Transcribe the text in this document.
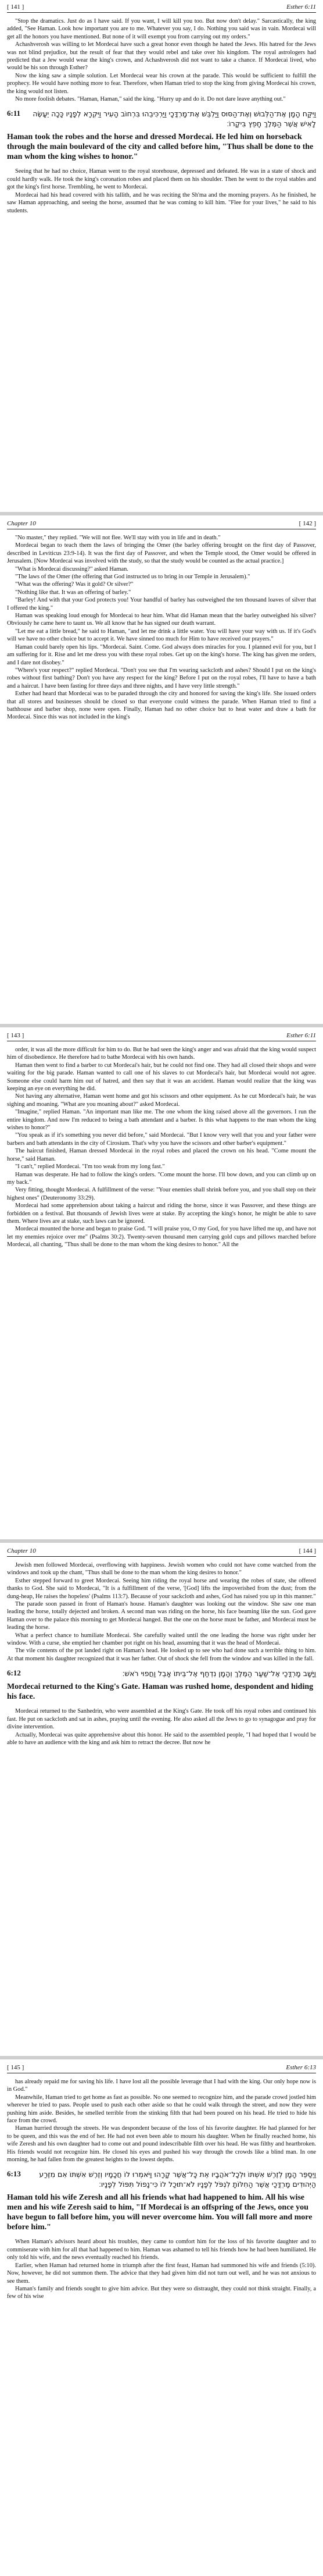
[ 141 ]	Esther 6:11

"Stop the dramatics. Just do as I have said. If you want, I will kill you too. But now don't delay." Sarcastically, the king added, "See Haman. Look how important you are to me. Whatever you say, I do. Nothing you said was in vain. Mordecai will get all the honors you have mentioned. But none of it will exempt you from carrying out my orders."

Achashverosh was willing to let Mordecai have such a great honor even though he hated the Jews. His hatred for the Jews was not blind prejudice, but the result of fear that they would rebel and take over his kingdom. The royal astrologers had predicted that a Jew would wear the king's crown, and Achashverosh did not want to take a chance. If Mordecai lived, who would be his son through Esther?

Now the king saw a simple solution. Let Mordecai wear his crown at the parade. This would be sufficient to fulfill the prophecy. He would have nothing more to fear. Therefore, when Haman tried to stop the king from giving Mordecai his crown, the king would not listen.

No more foolish debates. "Haman, Haman," said the king. "Hurry up and do it. Do not dare leave anything out."

6:11	וַיִּקַּח הָמָן אֶת־הַלְּבוּשׁ וְאֶת־הַסּוּס וַיַּלְבֵּשׁ אֶת־מָרְדֳּכָי וַיַּרְכִּיבֵהוּ בִּרְחוֹב הָעִיר וַיִּקְרָא לְפָנָיו כָּכָה יֵעָשֶׂה לָאִישׁ אֲשֶׁר הַמֶּלֶךְ חָפֵץ בִּיקָרוֹ׃

Haman took the robes and the horse and dressed Mordecai. He led him on horseback through the main boulevard of the city and called before him, "Thus shall be done to the man whom the king wishes to honor."

Seeing that he had no choice, Haman went to the royal storehouse, depressed and defeated. He was in a state of shock and could hardly walk. He took the king's coronation robes and placed them on his shoulder. Then he went to the royal stables and got the king's first horse. Trembling, he went to Mordecai.

Mordecai had his head covered with his tallith, and he was reciting the Sh'ma and the morning prayers. As he finished, he saw Haman approaching, and seeing the horse, assumed that he was coming to kill him. "Flee for your lives," he said to his students.

Chapter 10	[ 142 ]

"No master," they replied. "We will not flee. We'll stay with you in life and in death."

Mordecai began to teach them the laws of bringing the Omer (the barley offering brought on the first day of Passover, described in Leviticus 23:9-14). It was the first day of Passover, and when the Temple stood, the Omer would be offered in Jerusalem. [Now Mordecai was involved with the study, so that the study would be counted as the actual practice.]

"What is Mordecai discussing?" asked Haman.

"The laws of the Omer (the offering that God instructed us to bring in our Temple in Jerusalem)."

"What was the offering? Was it gold? Or silver?"

"Nothing like that. It was an offering of barley."

"Barley! And with that your God protects you! Your handful of barley has outweighed the ten thousand loaves of silver that I offered the king."

Haman was speaking loud enough for Mordecai to hear him. What did Haman mean that the barley outweighed his silver? Obviously he came here to taunt us. We all know that he has signed our death warrant.

"Let me eat a little bread," he said to Haman, "and let me drink a little water. You will have your way with us. If it's God's will we have no other choice but to accept it. We have sinned too much for Him to have received our prayers."

Haman could barely open his lips. "Mordecai. Saint. Come. God always does miracles for you. I planned evil for you, but I am suffering for it. Rise and let me dress you with these royal robes. Get up on the king's horse. The king has given me orders, and I dare not disobey."

"Where's your respect?" replied Mordecai. "Don't you see that I'm wearing sackcloth and ashes? Should I put on the king's robes without first bathing? Don't you have any respect for the king? Before I put on the royal robes, I'll have to have a bath and a haircut. I have been fasting for three days and three nights, and I have very little strength."

Esther had heard that Mordecai was to be paraded through the city and honored for saving the king's life. She issued orders that all stores and businesses should be closed so that everyone could witness the parade. When Haman tried to find a bathhouse and barber shop, none were open. Finally, Haman had no other choice but to heat water and draw a bath for Mordecai. Since this was not included in the king's

[ 143 ]	Esther 6:11

order, it was all the more difficult for him to do. But he had seen the king's anger and was afraid that the king would suspect him of disobedience. He therefore had to bathe Mordecai with his own hands.

Haman then went to find a barber to cut Mordecai's hair, but he could not find one. They had all closed their shops and were waiting for the big parade. Haman wanted to call one of his slaves to cut Mordecai's hair, but Mordecai would not agree. Someone else could harm him out of hatred, and then say that it was an accident. Haman would realize that the king was keeping an eye on everything he did.

Not having any alternative, Haman went home and got his scissors and other equipment. As he cut Mordecai's hair, he was sighing and moaning. "What are you moaning about?" asked Mordecai.

"Imagine," replied Haman. "An important man like me. The one whom the king raised above all the governors. I run the entire kingdom. And now I'm reduced to being a bath attendant and a barber. Is this what happens to the man whom the king wishes to honor?"

"You speak as if it's something you never did before," said Mordecai. "But I know very well that you and your father were barbers and bath attendants in the city of Cirosium. That's why you have the scissors and other barber's equipment."

The haircut finished, Haman dressed Mordecai in the royal robes and placed the crown on his head. "Come mount the horse," said Haman.

"I can't," replied Mordecai. "I'm too weak from my long fast."

Haman was desperate. He had to follow the king's orders. "Come mount the horse. I'll bow down, and you can climb up on my back."

Very fitting, thought Mordecai. A fulfillment of the verse: "Your enemies shall shrink before you, and you shall step on their highest ones" (Deuteronomy 33:29).

Mordecai had some apprehension about taking a haircut and riding the horse, since it was Passover, and these things are forbidden on a festival. But thousands of Jewish lives were at stake. By accepting the king's honor, he might be able to save them. Where lives are at stake, such laws can be ignored.

Mordecai mounted the horse and began to praise God. "I will praise you, O my God, for you have lifted me up, and have not let my enemies rejoice over me" (Psalms 30:2). Twenty-seven thousand men carrying gold cups and pillows marched before Mordecai, all chanting, "Thus shall be done to the man whom the king desires to honor." All the

Chapter 10	[ 144 ]

Jewish men followed Mordecai, overflowing with happiness. Jewish women who could not have come watched from the windows and took up the chant, "Thus shall be done to the man whom the king desires to honor."

Esther stepped forward to greet Mordecai. Seeing him riding the royal horse and wearing the robes of state, she offered thanks to God. She said to Mordecai, "It is a fulfillment of the verse, '[God] lifts the impoverished from the dust; from the dung-heap, He raises the hopeless' (Psalms 113:7). Because of your sackcloth and ashes, God has raised you up in this manner."

The parade soon passed in front of Haman's house. Haman's daughter was looking out the window. She saw one man leading the horse, totally dejected and broken. A second man was riding on the horse, his face beaming like the sun. God gave Haman over to the palace this morning to get Mordecai hanged. But the one on the horse must be father, and Mordecai must be leading the horse.

What a perfect chance to humiliate Mordecai. She carefully waited until the one leading the horse was right under her window. With a curse, she emptied her chamber pot right on his head, assuming that it was the head of Mordecai.

The vile contents of the pot landed right on Haman's head. He looked up to see who had done such a terrible thing to him. At that moment his daughter recognized that it was her father. Out of shock she fell from the window and was killed in the fall.

6:12	וַיָּשָׁב מָרְדֳּכַי אֶל־שַׁעַר הַמֶּלֶךְ וְהָמָן נִדְחַף אֶל־בֵּיתוֹ אָבֵל וַחֲפוּי רֹאשׁ׃

Mordecai returned to the King's Gate. Haman was rushed home, despondent and hiding his face.

Mordecai returned to the Sanhedrin, who were assembled at the King's Gate. He took off his royal robes and continued his fast. He put on sackcloth and sat in ashes, praying until the evening. He also asked all the Jews to go to synagogue and pray for divine intervention.

Actually, Mordecai was quite apprehensive about this honor. He said to the assembled people, "I had hoped that I would be able to have an audience with the king and ask him to retract the decree. But now he

[ 145 ]	Esther 6:13

has already repaid me for saving his life. I have lost all the possible leverage that I had with the king. Our only hope now is in God."

Meanwhile, Haman tried to get home as fast as possible. No one seemed to recognize him, and the parade crowd jostled him wherever he tried to pass. People used to push each other aside so that he could walk through the street, and now they were pushing him aside. Besides, he smelled terrible from the stinking filth that had been poured on his head. He tried to hide his face from the crowd.

Haman hurried through the streets. He was despondent because of the loss of his favorite daughter. He had planned for her to be queen, and this was the end of her. He had not even been able to mourn his daughter. When he finally reached home, his wife Zeresh and his own daughter had to come out and pound indescribable filth over his head. He was filthy and heartbroken. His friends would not recognize him. He closed his eyes and pushed his way through the crowds like a blind man. In one morning, he had fallen from the greatest heights to the lowest depths.

6:13	וַיְסַפֵּר הָמָן לְזֶרֶשׁ אִשְׁתּוֹ וּלְכָל־אֹהֲבָיו אֵת כָּל־אֲשֶׁר קָרָהוּ וַיֹּאמְרוּ לוֹ חֲכָמָיו וְזֶרֶשׁ אִשְׁתּוֹ אִם מִזֶּרַע הַיְּהוּדִים מָרְדֳּכַי אֲשֶׁר הַחִלּוֹתָ לִנְפֹּל לְפָנָיו לֹא־תוּכַל לוֹ כִּי־נָפוֹל תִּפּוֹל לְפָנָיו׃

Haman told his wife Zeresh and all his friends what had happened to him. All his wise men and his wife Zeresh said to him, "If Mordecai is an offspring of the Jews, once you have begun to fall before him, you will never overcome him. You will fall more and more before him."

When Haman's advisors heard about his troubles, they came to comfort him for the loss of his favorite daughter and to commiserate with him for all that had happened to him. Haman was ashamed to tell his friends how he had been humiliated. He only told his wife, and the news eventually reached his friends.

Earlier, when Haman had returned home in triumph after the first feast, Haman had summoned his wife and friends (5:10). Now, however, he did not summon them. The advice that they had given him did not turn out well, and he was not anxious to see them.

Haman's family and friends sought to give him advice. But they were so distraught, they could not think straight. Finally, a few of his wise
